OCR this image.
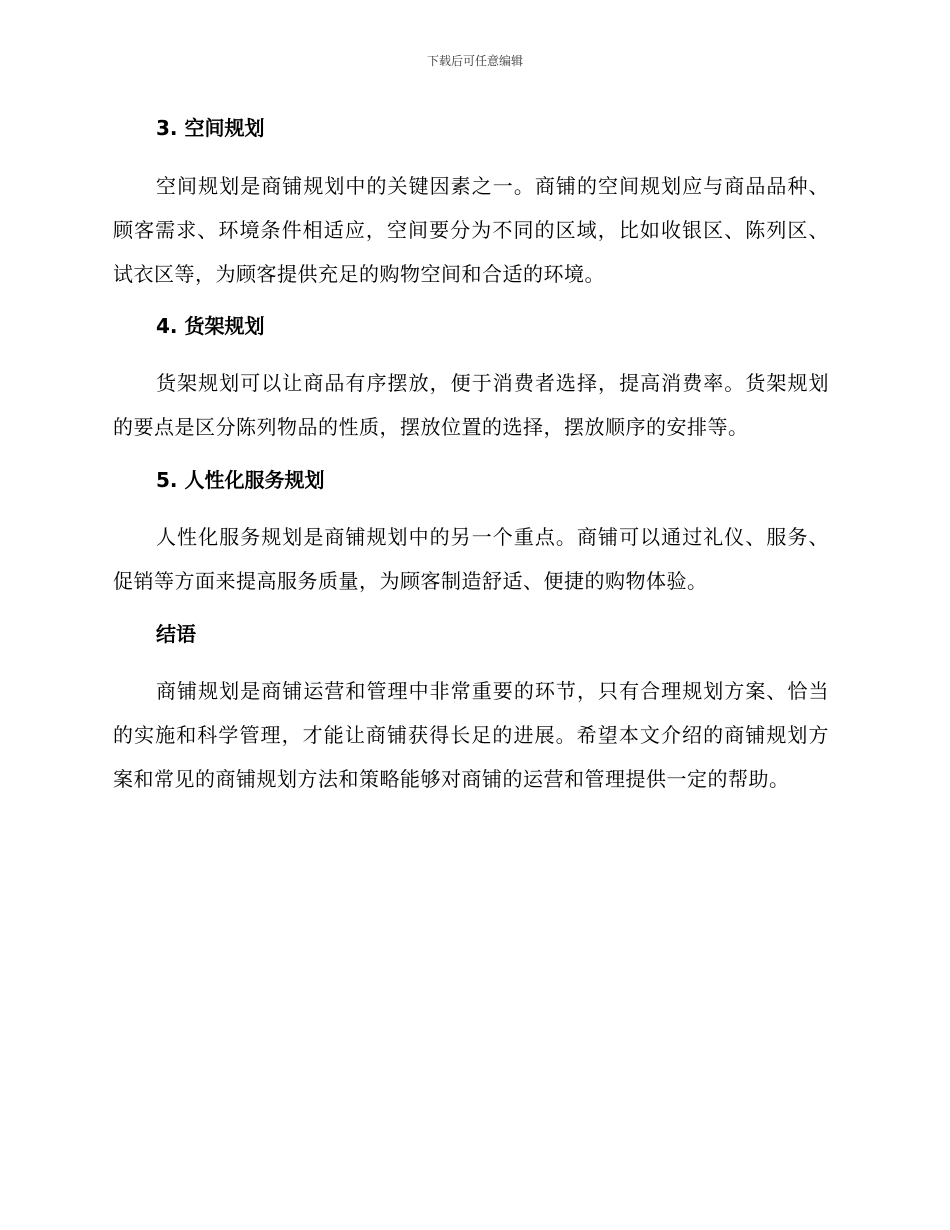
下载后可任意编辑
3. 空间规划

空间规划是商铺规划中的关键因素之一。商铺的空间规划应与商品品种、顾客需求、环境条件相适应，空间要分为不同的区域，比如收银区、陈列区、试衣区等，为顾客提供充足的购物空间和合适的环境。

4. 货架规划

货架规划可以让商品有序摆放，便于消费者选择，提高消费率。货架规划的要点是区分陈列物品的性质，摆放位置的选择，摆放顺序的安排等。

5. 人性化服务规划

人性化服务规划是商铺规划中的另一个重点。商铺可以通过礼仪、服务、促销等方面来提高服务质量，为顾客制造舒适、便捷的购物体验。

结语

商铺规划是商铺运营和管理中非常重要的环节，只有合理规划方案、恰当的实施和科学管理，才能让商铺获得长足的进展。希望本文介绍的商铺规划方案和常见的商铺规划方法和策略能够对商铺的运营和管理提供一定的帮助。
